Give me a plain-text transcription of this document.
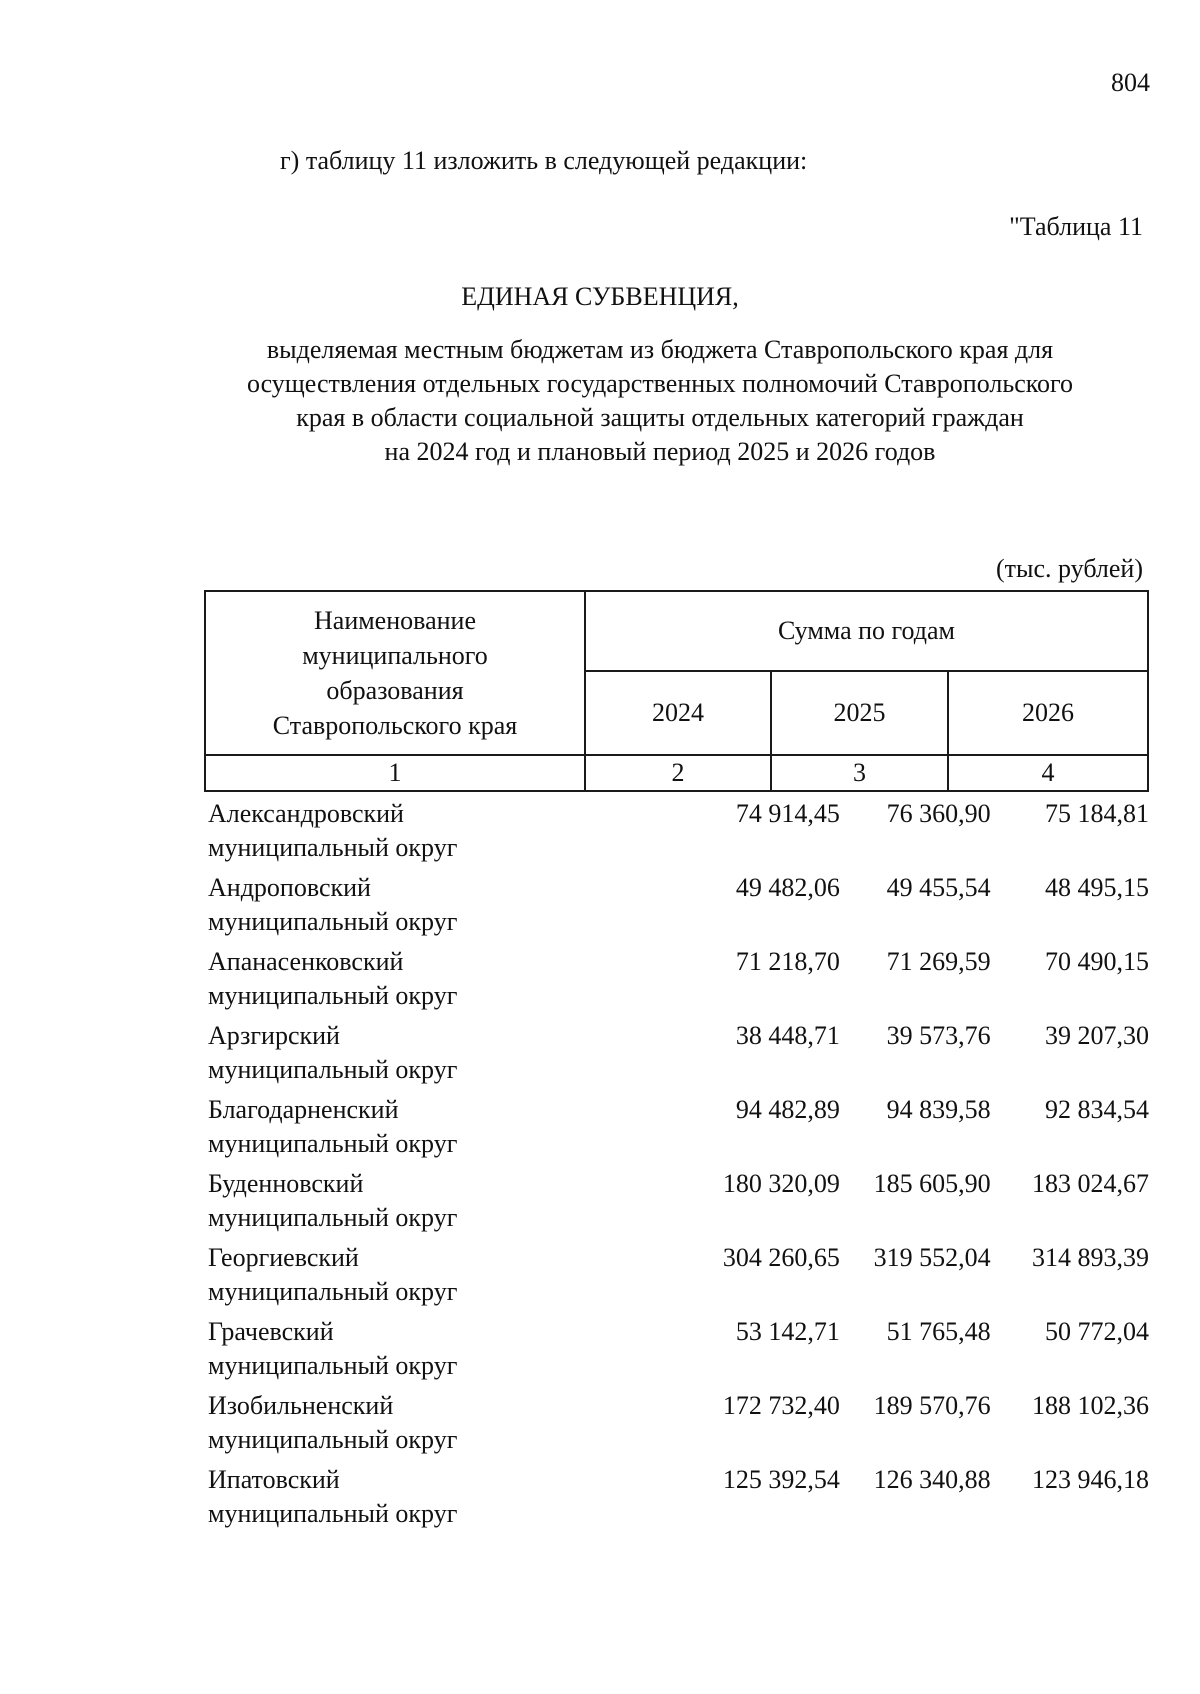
804
г) таблицу 11 изложить в следующей редакции:
"Таблица 11
ЕДИНАЯ СУБВЕНЦИЯ,
выделяемая местным бюджетам из бюджета Ставропольского края для
осуществления отдельных государственных полномочий Ставропольского
края в области социальной защиты отдельных категорий граждан
на 2024 год и плановый период 2025 и 2026 годов
(тыс. рублей)
Наименование
муниципального
образования
Ставропольского края	Сумма по годам		
	2024	2025	2026
1	2	3	4
Александровский
муниципальный округ
74 914,45	76 360,90	75 184,81
Андроповский
муниципальный округ
49 482,06	49 455,54	48 495,15
Апанасенковский
муниципальный округ
71 218,70	71 269,59	70 490,15
Арзгирский
муниципальный округ
38 448,71	39 573,76	39 207,30
Благодарненский
муниципальный округ
94 482,89	94 839,58	92 834,54
Буденновский
муниципальный округ
180 320,09	185 605,90	183 024,67
Георгиевский
муниципальный округ
304 260,65	319 552,04	314 893,39
Грачевский
муниципальный округ
53 142,71	51 765,48	50 772,04
Изобильненский
муниципальный округ
172 732,40	189 570,76	188 102,36
Ипатовский
муниципальный округ
125 392,54	126 340,88	123 946,18
